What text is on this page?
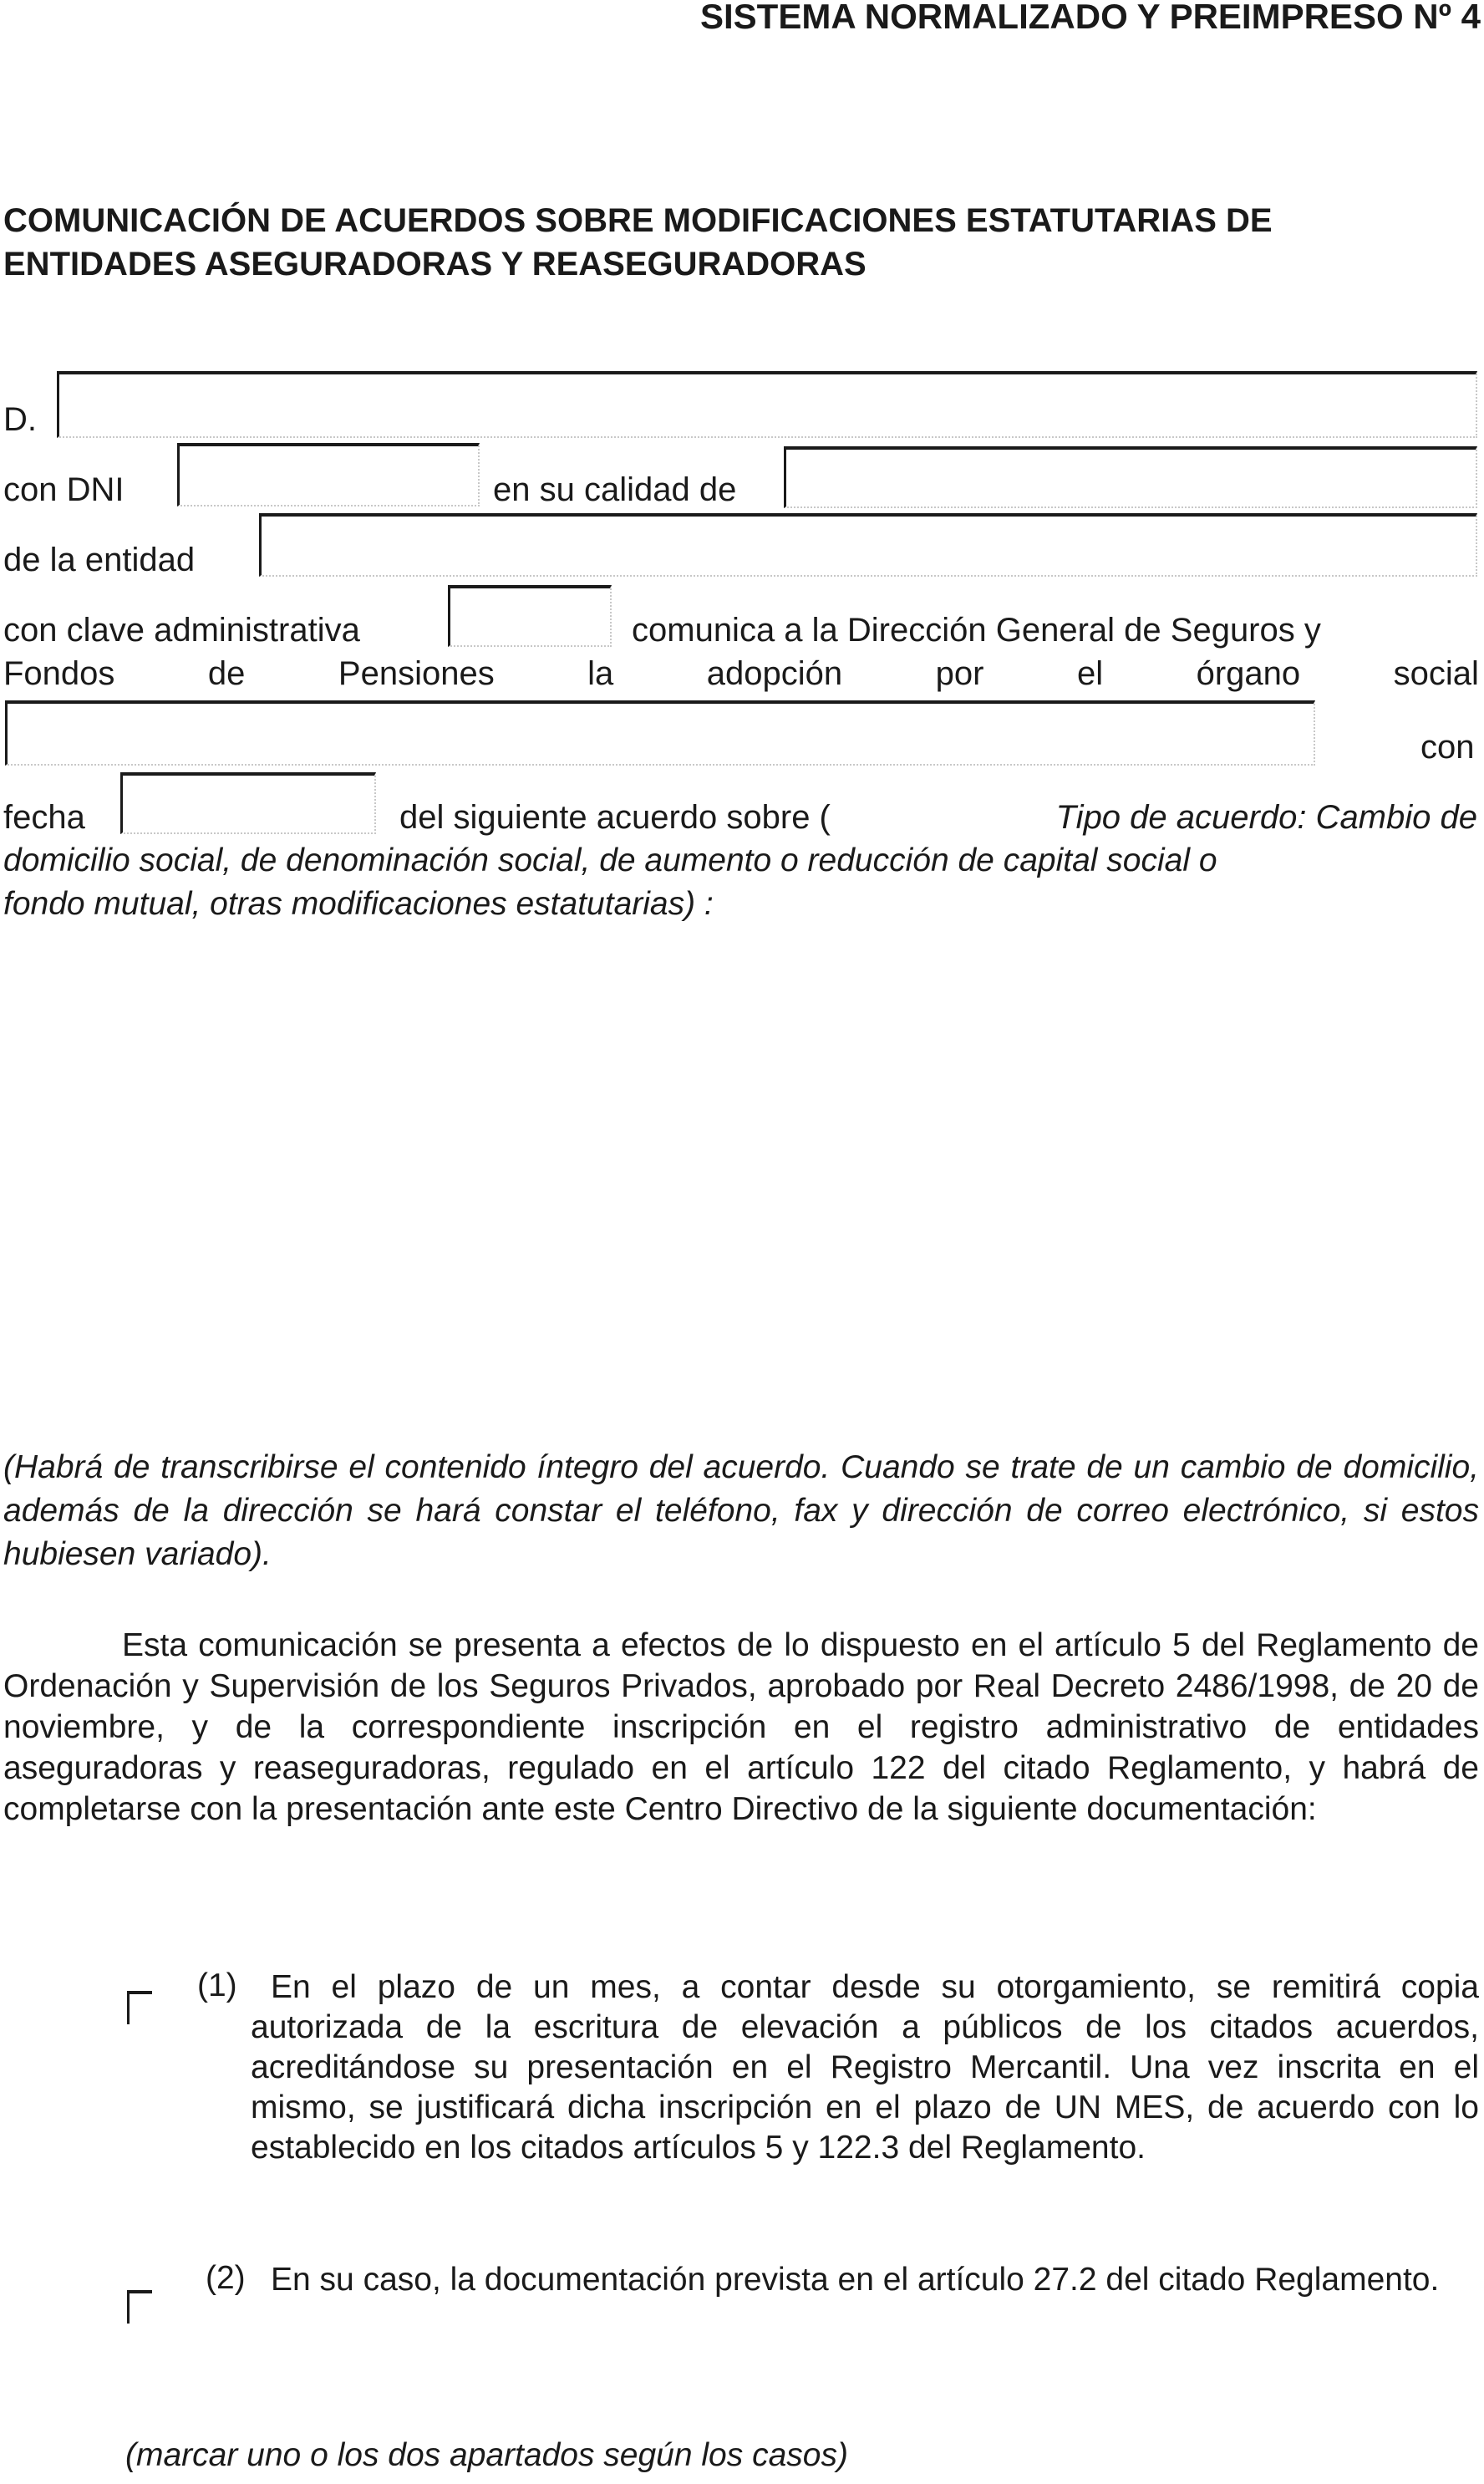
SISTEMA NORMALIZADO Y PREIMPRESO Nº 4
COMUNICACIÓN DE ACUERDOS SOBRE MODIFICACIONES ESTATUTARIAS DE
ENTIDADES ASEGURADORAS Y REASEGURADORAS
D.
con DNI	en su calidad de
de la entidad
con clave administrativa	comunica a la Dirección General de Seguros y
Fondos	de	Pensiones	la	adopción	por	el	órgano	social
con
fecha	del siguiente acuerdo sobre (	Tipo de acuerdo: Cambio de
domicilio social, de denominación social, de aumento o reducción de capital social o
fondo mutual, otras modificaciones estatutarias) :
(Habrá de transcribirse el contenido íntegro del acuerdo. Cuando se trate de un cambio de domicilio, además de la dirección se hará constar el teléfono, fax y dirección de correo electrónico, si estos hubiesen variado).
Esta comunicación se presenta a efectos de lo dispuesto en el artículo 5 del Reglamento de Ordenación y Supervisión de los Seguros Privados, aprobado por Real Decreto 2486/1998, de 20 de noviembre, y de la correspondiente inscripción en el registro administrativo de entidades aseguradoras y reaseguradoras, regulado en el artículo 122 del citado Reglamento, y habrá de completarse con la presentación ante este Centro Directivo de la siguiente documentación:
(1)	En el plazo de un mes, a contar desde su otorgamiento, se remitirá copia autorizada de la escritura de elevación a públicos de los citados acuerdos, acreditándose su presentación en el Registro Mercantil. Una vez inscrita en el mismo, se justificará dicha inscripción en el plazo de UN MES, de acuerdo con lo establecido en los citados artículos 5 y 122.3 del Reglamento.
(2) En su caso, la documentación prevista en el artículo 27.2 del citado Reglamento.
(marcar uno o los dos apartados según los casos)
